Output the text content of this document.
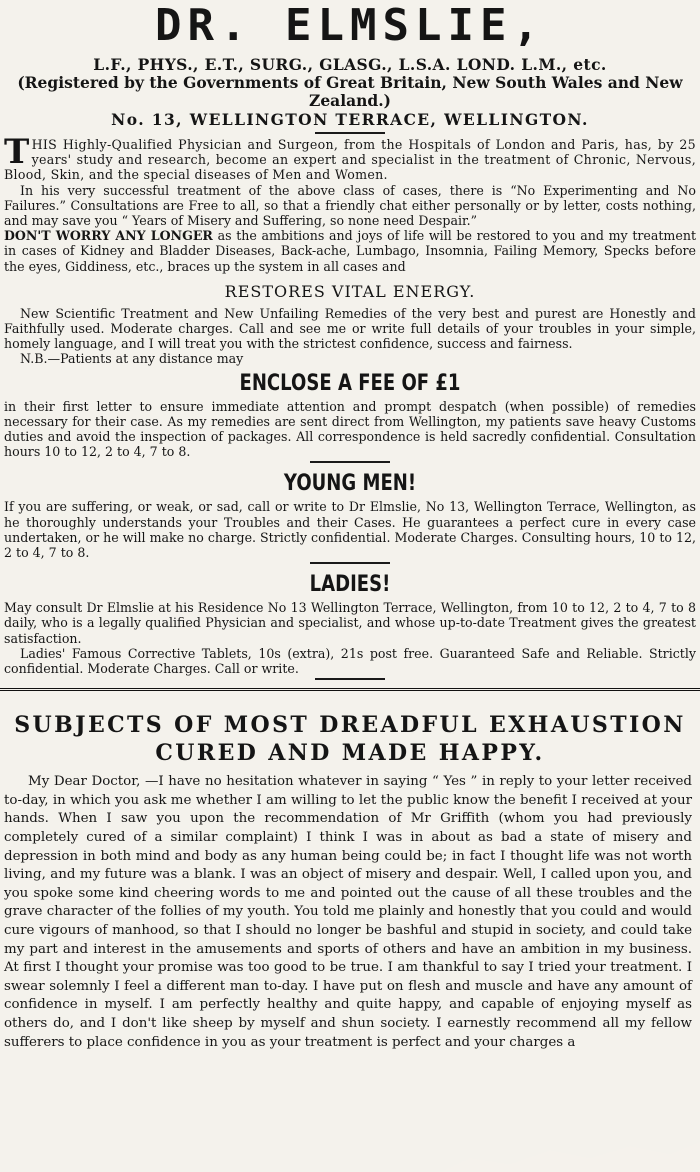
DR. ELMSLIE,
L.F., PHYS., E.T., SURG., GLASG., L.S.A. LOND. L.M., etc.
(Registered by the Governments of Great Britain, New South Wales and New Zealand.)
No. 13, WELLINGTON TERRACE, WELLINGTON.

THIS Highly-Qualified Physician and Surgeon, from the Hospitals of London and Paris, has, by 25 years' study and research, become an expert and specialist in the treatment of Chronic, Nervous, Blood, Skin, and the special diseases of Men and Women.

In his very successful treatment of the above class of cases, there is “No Experimenting and No Failures.” Consultations are Free to all, so that a friendly chat either personally or by letter, costs nothing, and may save you “ Years of Misery and Suffering, so none need Despair.”

DON'T WORRY ANY LONGER as the ambitions and joys of life will be restored to you and my treatment in cases of Kidney and Bladder Diseases, Back-ache, Lumbago, Insomnia, Failing Memory, Specks before the eyes, Giddiness, etc., braces up the system in all cases and

RESTORES VITAL ENERGY.

New Scientific Treatment and New Unfailing Remedies of the very best and purest are Honestly and Faithfully used. Moderate charges. Call and see me or write full details of your troubles in your simple, homely language, and I will treat you with the strictest confidence, success and fairness.

N.B.—Patients at any distance may

ENCLOSE A FEE OF £1

in their first letter to ensure immediate attention and prompt despatch (when possible) of remedies necessary for their case. As my remedies are sent direct from Wellington, my patients save heavy Customs duties and avoid the inspection of packages. All correspondence is held sacredly confidential. Consultation hours 10 to 12, 2 to 4, 7 to 8.

YOUNG MEN!

If you are suffering, or weak, or sad, call or write to Dr Elmslie, No 13, Wellington Terrace, Wellington, as he thoroughly understands your Troubles and their Cases. He guarantees a perfect cure in every case undertaken, or he will make no charge. Strictly confidential. Moderate Charges. Consulting hours, 10 to 12, 2 to 4, 7 to 8.

LADIES!

May consult Dr Elmslie at his Residence No 13 Wellington Terrace, Wellington, from 10 to 12, 2 to 4, 7 to 8 daily, who is a legally qualified Physician and specialist, and whose up-to-date Treatment gives the greatest satisfaction.

Ladies' Famous Corrective Tablets, 10s (extra), 21s post free. Guaranteed Safe and Reliable. Strictly confidential. Moderate Charges. Call or write.

SUBJECTS OF MOST DREADFUL EXHAUSTION
CURED AND MADE HAPPY.

My Dear Doctor, —I have no hesitation whatever in saying “ Yes ” in reply to your letter received to-day, in which you ask me whether I am willing to let the public know the benefit I received at your hands. When I saw you upon the recommendation of Mr Griffith (whom you had previously completely cured of a similar complaint) I think I was in about as bad a state of misery and depression in both mind and body as any human being could be; in fact I thought life was not worth living, and my future was a blank. I was an object of misery and despair. Well, I called upon you, and you spoke some kind cheering words to me and pointed out the cause of all these troubles and the grave character of the follies of my youth. You told me plainly and honestly that you could and would cure vigours of manhood, so that I should no longer be bashful and stupid in society, and could take my part and interest in the amusements and sports of others and have an ambition in my business. At first I thought your promise was too good to be true. I am thankful to say I tried your treatment. I swear solemnly I feel a different man to-day. I have put on flesh and muscle and have any amount of confidence in myself. I am perfectly healthy and quite happy, and capable of enjoying myself as others do, and I don't like sheep by myself and shun society. I earnestly recommend all my fellow sufferers to place confidence in you as your treatment is perfect and your charges a
